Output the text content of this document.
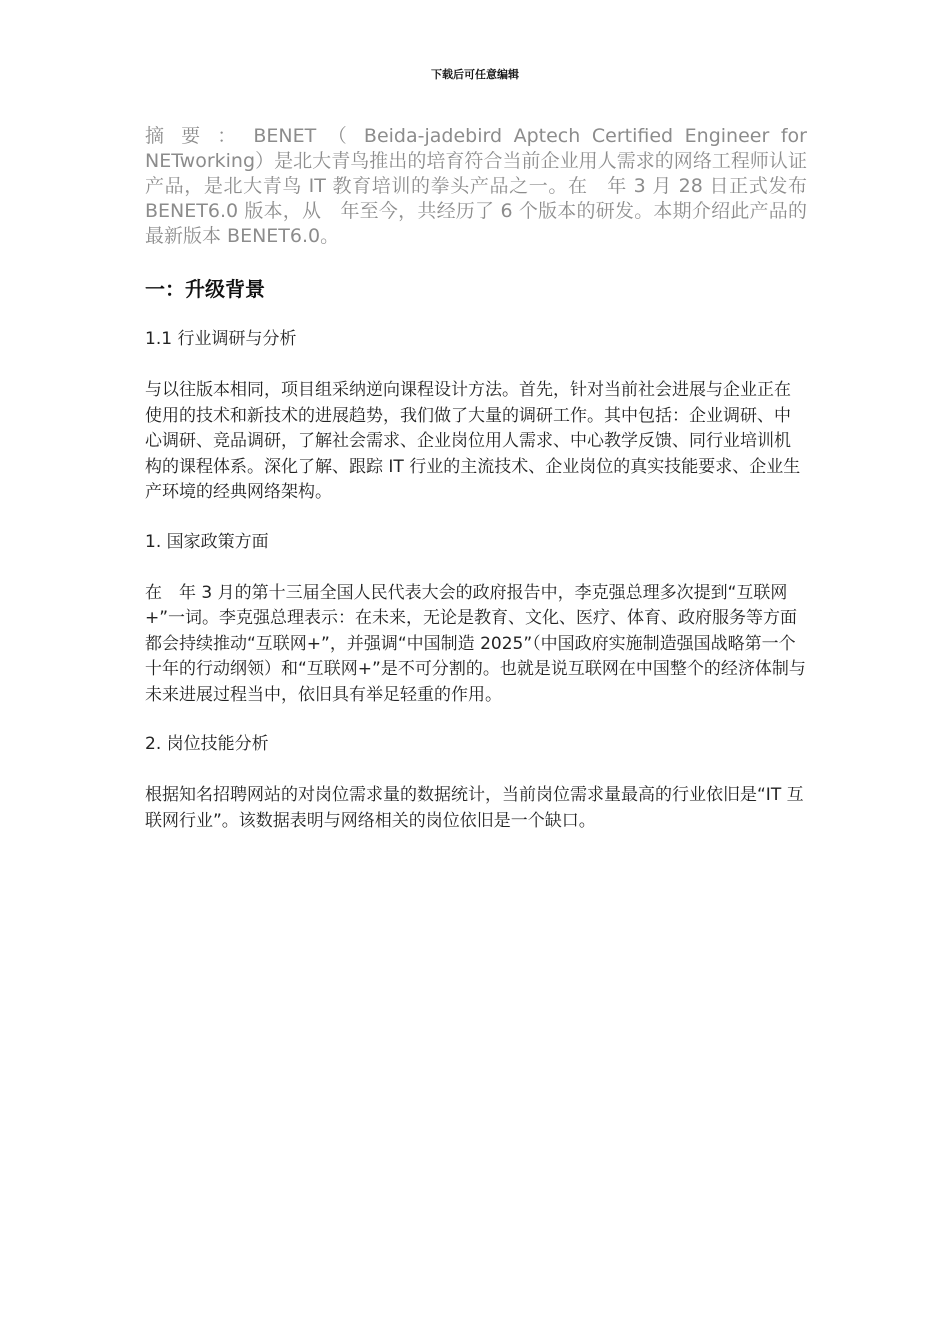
下载后可任意编辑

摘 要 ： BENET （ Beida-jadebird Aptech Certified Engineer for NETworking）是北大青鸟推出的培育符合当前企业用人需求的网络工程师认证产品，是北大青鸟 IT 教育培训的拳头产品之一。在　年 3 月 28 日正式发布 BENET6.0 版本，从　年至今，共经历了 6 个版本的研发。本期介绍此产品的最新版本 BENET6.0。

一：升级背景
1.1 行业调研与分析

与以往版本相同，项目组采纳逆向课程设计方法。首先，针对当前社会进展与企业正在使用的技术和新技术的进展趋势，我们做了大量的调研工作。其中包括：企业调研、中心调研、竞品调研，了解社会需求、企业岗位用人需求、中心教学反馈、同行业培训机构的课程体系。深化了解、跟踪 IT 行业的主流技术、企业岗位的真实技能要求、企业生产环境的经典网络架构。

1. 国家政策方面

在　年 3 月的第十三届全国人民代表大会的政府报告中，李克强总理多次提到“互联网+”一词。李克强总理表示：在未来，无论是教育、文化、医疗、体育、政府服务等方面都会持续推动“互联网+”，并强调“中国制造 2025”（中国政府实施制造强国战略第一个十年的行动纲领）和“互联网+”是不可分割的。也就是说互联网在中国整个的经济体制与未来进展过程当中，依旧具有举足轻重的作用。

2. 岗位技能分析

根据知名招聘网站的对岗位需求量的数据统计，当前岗位需求量最高的行业依旧是“IT 互联网行业”。该数据表明与网络相关的岗位依旧是一个缺口。
